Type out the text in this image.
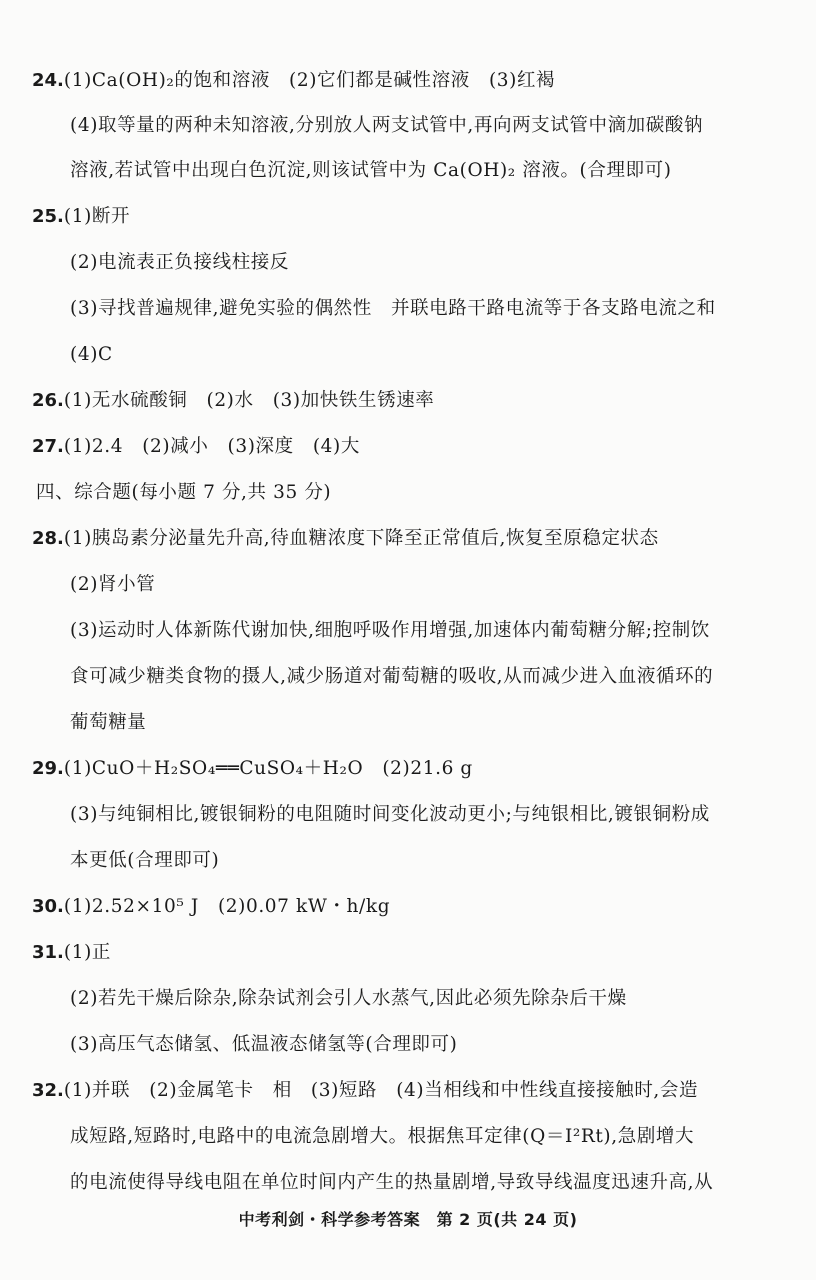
24.(1)Ca(OH)₂的饱和溶液　(2)它们都是碱性溶液　(3)红褐
(4)取等量的两种未知溶液,分别放人两支试管中,再向两支试管中滴加碳酸钠
溶液,若试管中出现白色沉淀,则该试管中为 Ca(OH)₂ 溶液。(合理即可)
25.(1)断开
(2)电流表正负接线柱接反
(3)寻找普遍规律,避免实验的偶然性　并联电路干路电流等于各支路电流之和
(4)C
26.(1)无水硫酸铜　(2)水　(3)加快铁生锈速率
27.(1)2.4　(2)减小　(3)深度　(4)大
四、综合题(每小题 7 分,共 35 分)
28.(1)胰岛素分泌量先升高,待血糖浓度下降至正常值后,恢复至原稳定状态
(2)肾小管
(3)运动时人体新陈代谢加快,细胞呼吸作用增强,加速体内葡萄糖分解;控制饮
食可减少糖类食物的摄人,减少肠道对葡萄糖的吸收,从而减少进入血液循环的
葡萄糖量
29.(1)CuO＋H₂SO₄══CuSO₄＋H₂O　(2)21.6 g
(3)与纯铜相比,镀银铜粉的电阻随时间变化波动更小;与纯银相比,镀银铜粉成
本更低(合理即可)
30.(1)2.52×10⁵ J　(2)0.07 kW・h/kg
31.(1)正
(2)若先干燥后除杂,除杂试剂会引人水蒸气,因此必须先除杂后干燥
(3)高压气态储氢、低温液态储氢等(合理即可)
32.(1)并联　(2)金属笔卡　相　(3)短路　(4)当相线和中性线直接接触时,会造
成短路,短路时,电路中的电流急剧增大。根据焦耳定律(Q＝I²Rt),急剧增大
的电流使得导线电阻在单位时间内产生的热量剧增,导致导线温度迅速升高,从
中考利剑・科学参考答案　第 2 页(共 24 页)
